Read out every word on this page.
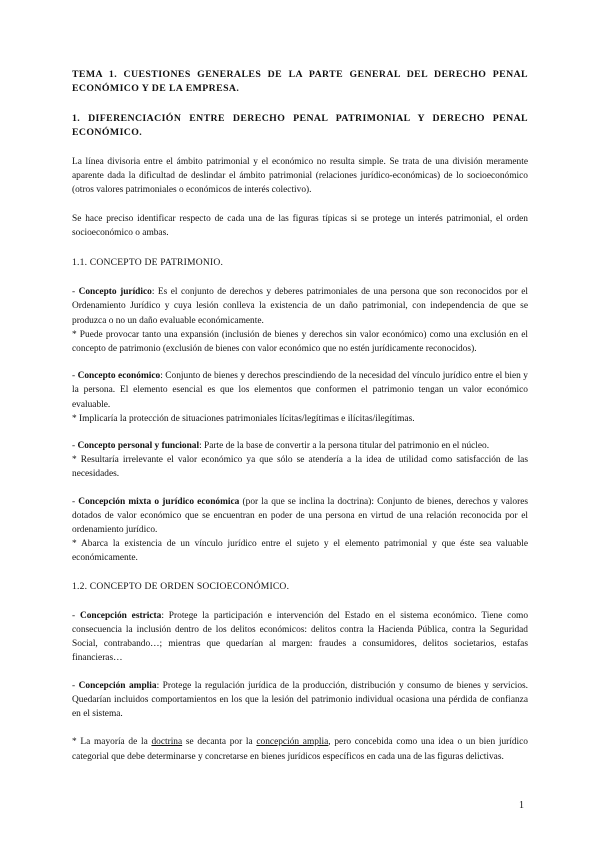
TEMA 1. CUESTIONES GENERALES DE LA PARTE GENERAL DEL DERECHO PENAL ECONÓMICO Y DE LA EMPRESA.

1. DIFERENCIACIÓN ENTRE DERECHO PENAL PATRIMONIAL Y DERECHO PENAL ECONÓMICO.

La línea divisoria entre el ámbito patrimonial y el económico no resulta simple. Se trata de una división meramente aparente dada la dificultad de deslindar el ámbito patrimonial (relaciones jurídico-económicas) de lo socioeconómico (otros valores patrimoniales o económicos de interés colectivo).

Se hace preciso identificar respecto de cada una de las figuras típicas si se protege un interés patrimonial, el orden socioeconómico o ambas.

1.1. CONCEPTO DE PATRIMONIO.

- Concepto jurídico: Es el conjunto de derechos y deberes patrimoniales de una persona que son reconocidos por el Ordenamiento Jurídico y cuya lesión conlleva la existencia de un daño patrimonial, con independencia de que se produzca o no un daño evaluable económicamente.

* Puede provocar tanto una expansión (inclusión de bienes y derechos sin valor económico) como una exclusión en el concepto de patrimonio (exclusión de bienes con valor económico que no estén jurídicamente reconocidos).

- Concepto económico: Conjunto de bienes y derechos prescindiendo de la necesidad del vínculo jurídico entre el bien y la persona. El elemento esencial es que los elementos que conformen el patrimonio tengan un valor económico evaluable.

* Implicaría la protección de situaciones patrimoniales lícitas/legítimas e ilícitas/ilegítimas.

- Concepto personal y funcional: Parte de la base de convertir a la persona titular del patrimonio en el núcleo.

* Resultaría irrelevante el valor económico ya que sólo se atendería a la idea de utilidad como satisfacción de las necesidades.

- Concepción mixta o jurídico económica (por la que se inclina la doctrina): Conjunto de bienes, derechos y valores dotados de valor económico que se encuentran en poder de una persona en virtud de una relación reconocida por el ordenamiento jurídico.

* Abarca la existencia de un vínculo jurídico entre el sujeto y el elemento patrimonial y que éste sea valuable económicamente.

1.2. CONCEPTO DE ORDEN SOCIOECONÓMICO.

- Concepción estricta: Protege la participación e intervención del Estado en el sistema económico. Tiene como consecuencia la inclusión dentro de los delitos económicos: delitos contra la Hacienda Pública, contra la Seguridad Social, contrabando…; mientras que quedarían al margen: fraudes a consumidores, delitos societarios, estafas financieras…

- Concepción amplia: Protege la regulación jurídica de la producción, distribución y consumo de bienes y servicios. Quedarían incluidos comportamientos en los que la lesión del patrimonio individual ocasiona una pérdida de confianza en el sistema.

* La mayoría de la doctrina se decanta por la concepción amplia, pero concebida como una idea o un bien jurídico categorial que debe determinarse y concretarse en bienes jurídicos específicos en cada una de las figuras delictivas.

1
